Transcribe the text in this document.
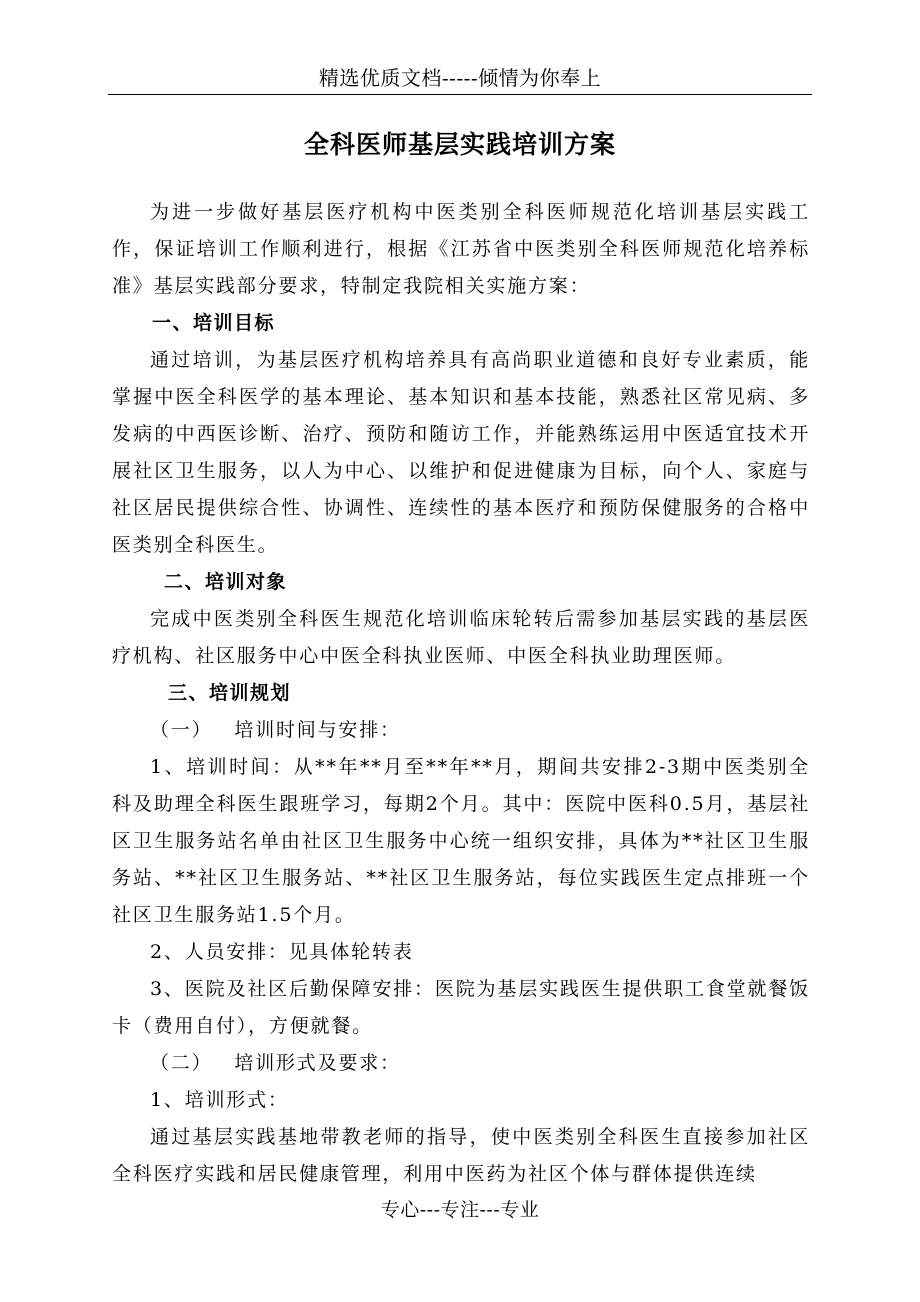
精选优质文档-----倾情为你奉上
全科医师基层实践培训方案

为进一步做好基层医疗机构中医类别全科医师规范化培训基层实践工作，保证培训工作顺利进行，根据《江苏省中医类别全科医师规范化培养标准》基层实践部分要求，特制定我院相关实施方案：

一、培训目标

通过培训，为基层医疗机构培养具有高尚职业道德和良好专业素质，能掌握中医全科医学的基本理论、基本知识和基本技能，熟悉社区常见病、多发病的中西医诊断、治疗、预防和随访工作，并能熟练运用中医适宜技术开展社区卫生服务，以人为中心、以维护和促进健康为目标，向个人、家庭与社区居民提供综合性、协调性、连续性的基本医疗和预防保健服务的合格中医类别全科医生。

二、培训对象

完成中医类别全科医生规范化培训临床轮转后需参加基层实践的基层医疗机构、社区服务中心中医全科执业医师、中医全科执业助理医师。

三、培训规划

（一） 培训时间与安排：

1、培训时间：从**年**月至**年**月，期间共安排2-3期中医类别全科及助理全科医生跟班学习，每期2个月。其中：医院中医科0.5月，基层社区卫生服务站名单由社区卫生服务中心统一组织安排，具体为**社区卫生服务站、**社区卫生服务站、**社区卫生服务站，每位实践医生定点排班一个社区卫生服务站1.5个月。

2、人员安排：见具体轮转表

3、医院及社区后勤保障安排：医院为基层实践医生提供职工食堂就餐饭卡（费用自付），方便就餐。

（二） 培训形式及要求：

1、培训形式：

通过基层实践基地带教老师的指导，使中医类别全科医生直接参加社区全科医疗实践和居民健康管理，利用中医药为社区个体与群体提供连续

专心---专注---专业
